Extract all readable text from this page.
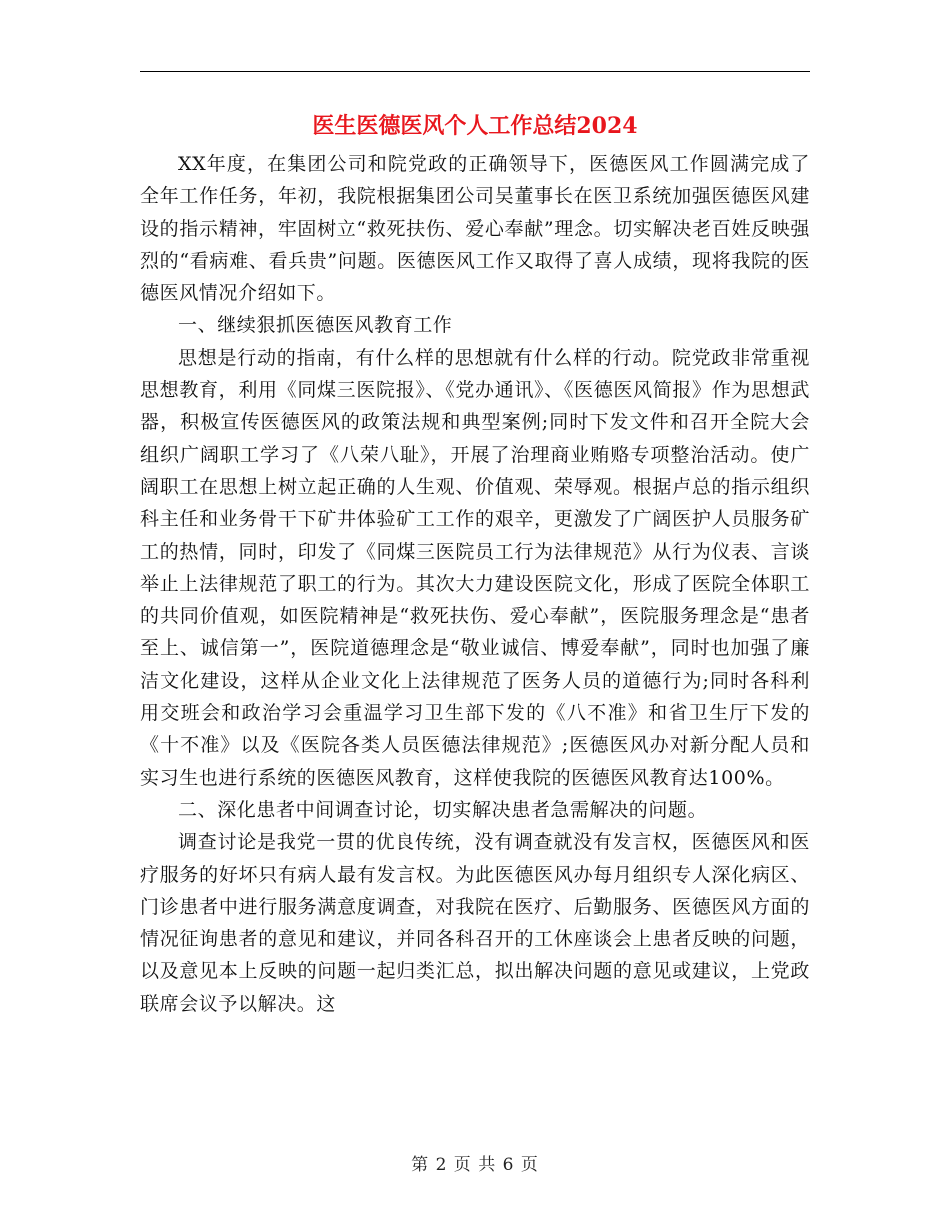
医生医德医风个人工作总结2024

XX年度，在集团公司和院党政的正确领导下，医德医风工作圆满完成了全年工作任务，年初，我院根据集团公司吴董事长在医卫系统加强医德医风建设的指示精神，牢固树立“救死扶伤、爱心奉献”理念。切实解决老百姓反映强烈的“看病难、看兵贵”问题。医德医风工作又取得了喜人成绩，现将我院的医德医风情况介绍如下。

一、继续狠抓医德医风教育工作

思想是行动的指南，有什么样的思想就有什么样的行动。院党政非常重视思想教育，利用《同煤三医院报》、《党办通讯》、《医德医风简报》作为思想武器，积极宣传医德医风的政策法规和典型案例;同时下发文件和召开全院大会组织广阔职工学习了《八荣八耻》，开展了治理商业贿赂专项整治活动。使广阔职工在思想上树立起正确的人生观、价值观、荣辱观。根据卢总的指示组织科主任和业务骨干下矿井体验矿工工作的艰辛，更激发了广阔医护人员服务矿工的热情，同时，印发了《同煤三医院员工行为法律规范》从行为仪表、言谈举止上法律规范了职工的行为。其次大力建设医院文化，形成了医院全体职工的共同价值观，如医院精神是“救死扶伤、爱心奉献”，医院服务理念是“患者至上、诚信第一”，医院道德理念是“敬业诚信、博爱奉献”，同时也加强了廉洁文化建设，这样从企业文化上法律规范了医务人员的道德行为;同时各科利用交班会和政治学习会重温学习卫生部下发的《八不准》和省卫生厅下发的《十不准》以及《医院各类人员医德法律规范》;医德医风办对新分配人员和实习生也进行系统的医德医风教育，这样使我院的医德医风教育达100%。

二、深化患者中间调查讨论，切实解决患者急需解决的问题。

调查讨论是我党一贯的优良传统，没有调查就没有发言权，医德医风和医疗服务的好坏只有病人最有发言权。为此医德医风办每月组织专人深化病区、门诊患者中进行服务满意度调查，对我院在医疗、后勤服务、医德医风方面的情况征询患者的意见和建议，并同各科召开的工休座谈会上患者反映的问题，以及意见本上反映的问题一起归类汇总，拟出解决问题的意见或建议，上党政联席会议予以解决。这

第 2 页 共 6 页
